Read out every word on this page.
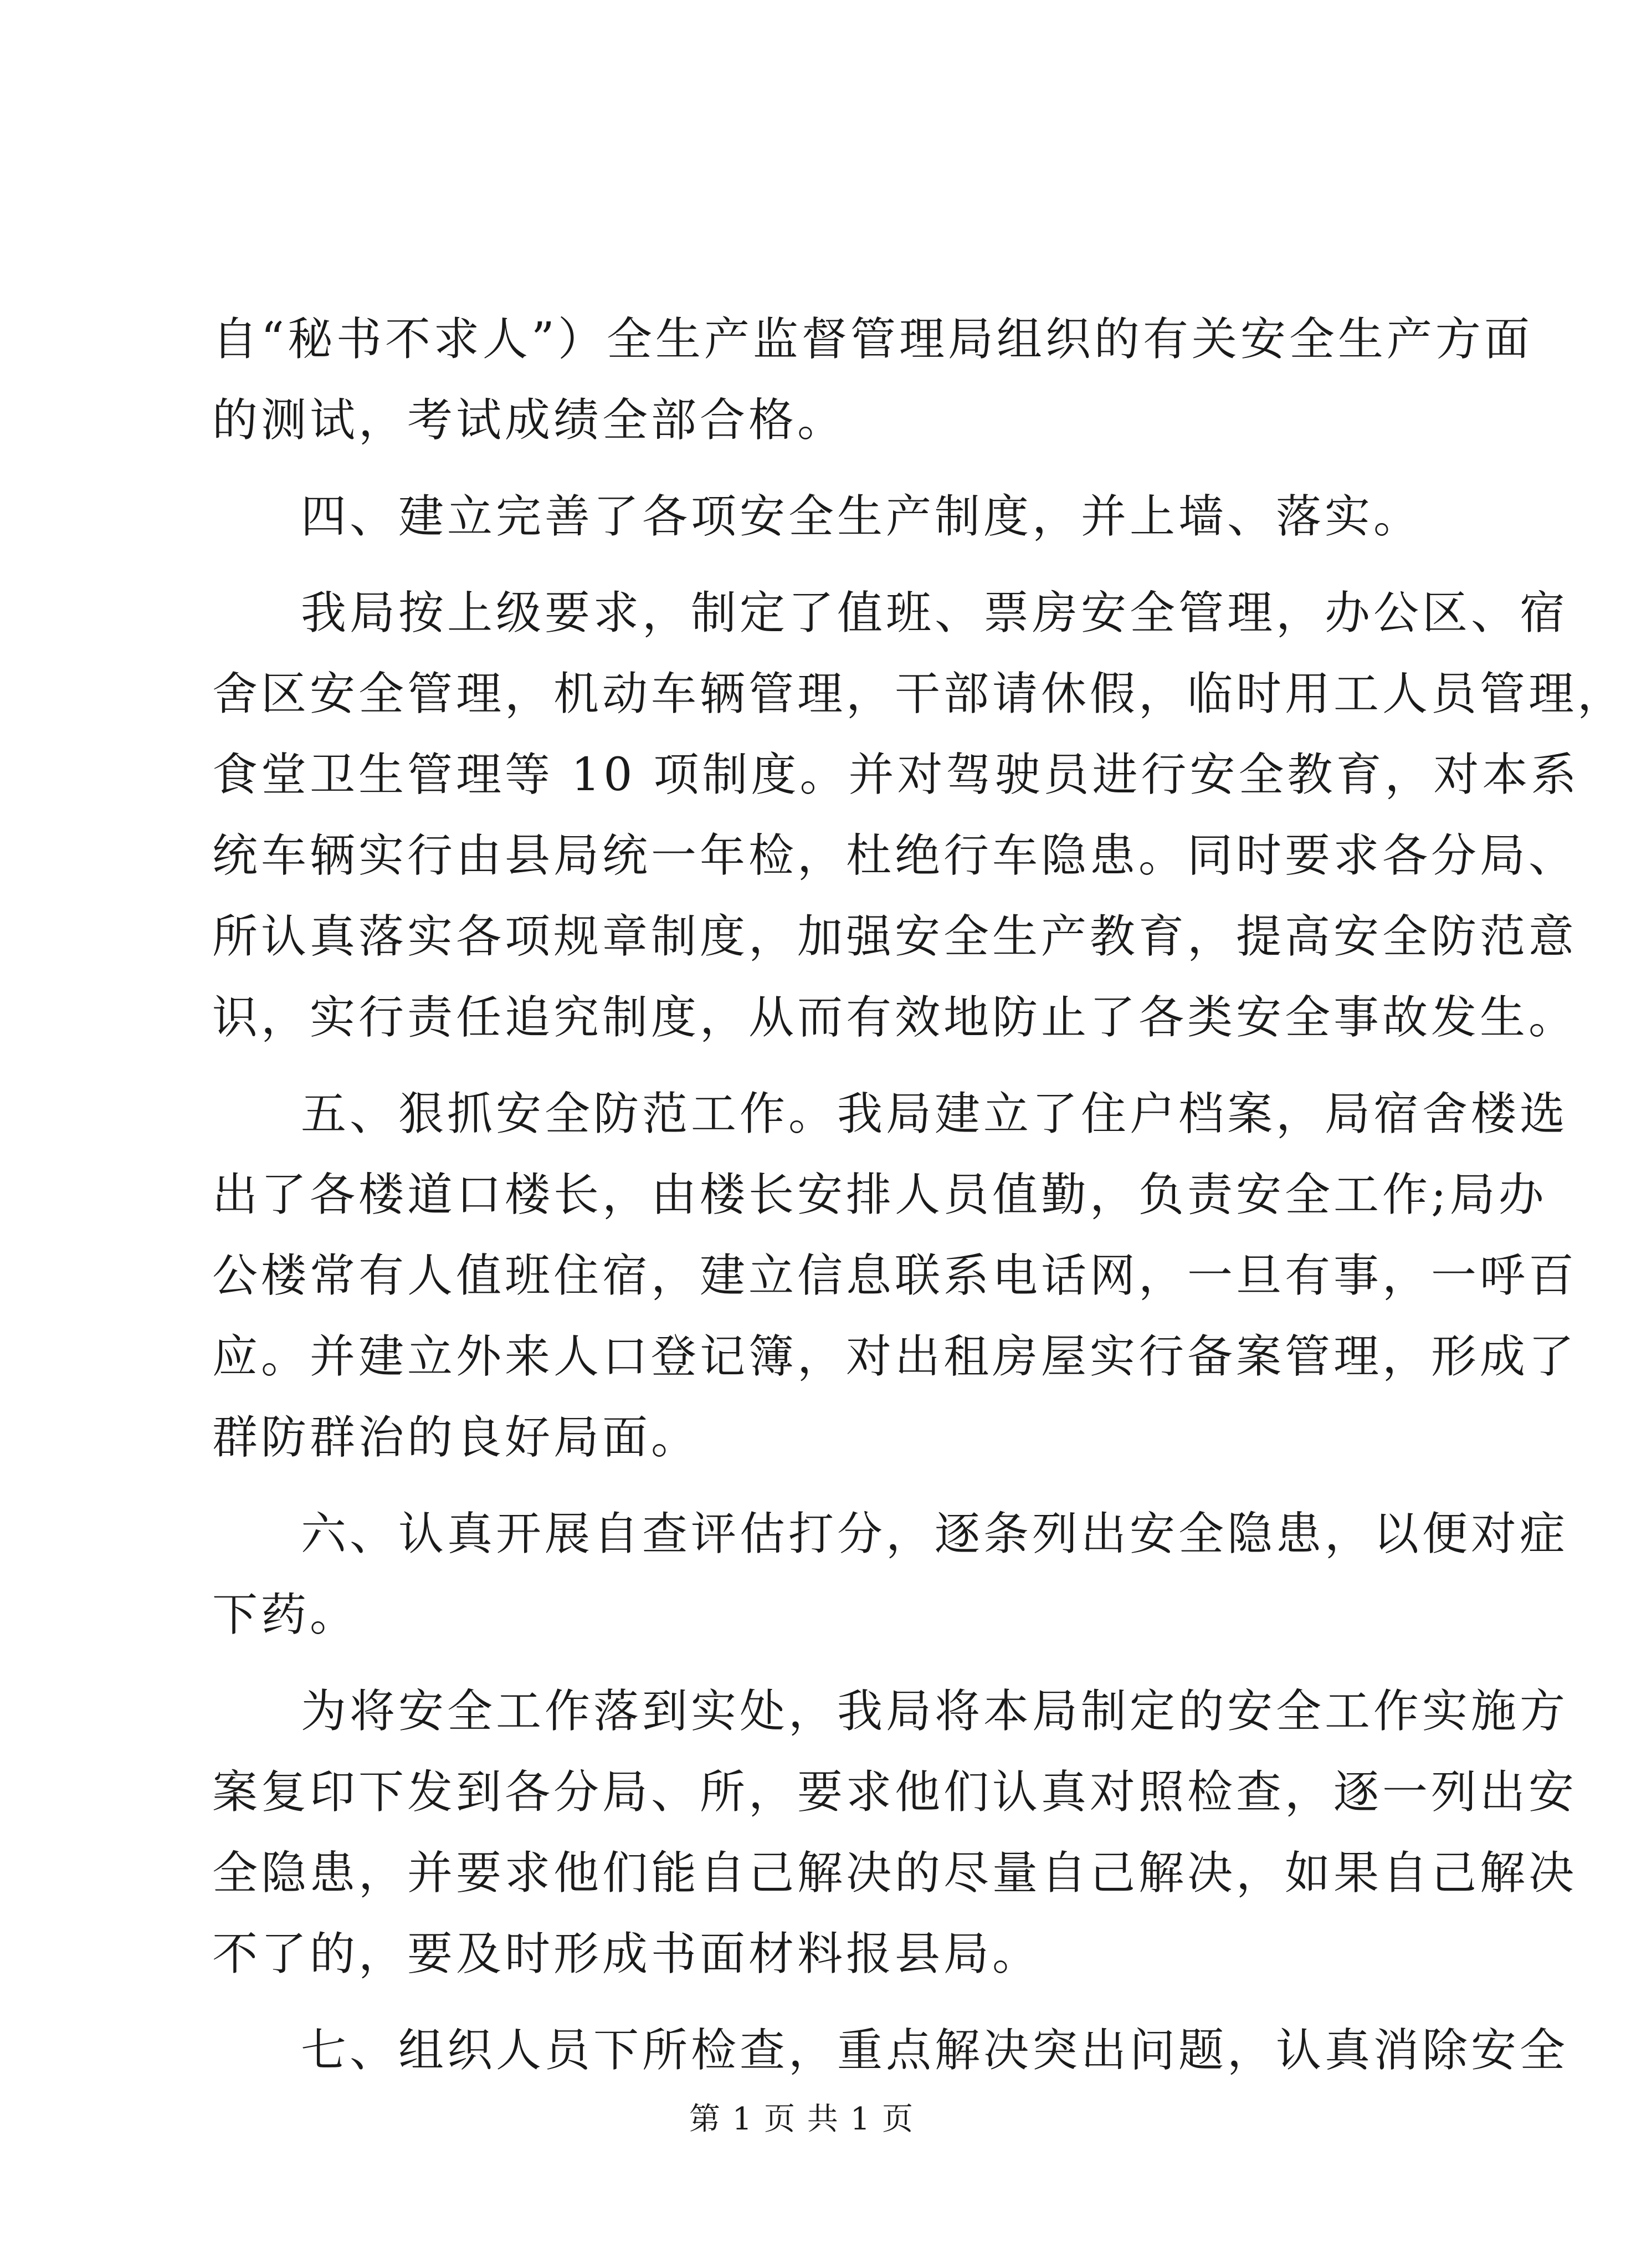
自“秘书不求人”）全生产监督管理局组织的有关安全生产方面
的测试，考试成绩全部合格。
四、建立完善了各项安全生产制度，并上墙、落实。
我局按上级要求，制定了值班、票房安全管理，办公区、宿
舍区安全管理，机动车辆管理，干部请休假，临时用工人员管理，
食堂卫生管理等 10 项制度。并对驾驶员进行安全教育，对本系
统车辆实行由县局统一年检，杜绝行车隐患。同时要求各分局、
所认真落实各项规章制度，加强安全生产教育，提高安全防范意
识，实行责任追究制度，从而有效地防止了各类安全事故发生。
五、狠抓安全防范工作。我局建立了住户档案，局宿舍楼选
出了各楼道口楼长，由楼长安排人员值勤，负责安全工作;局办
公楼常有人值班住宿，建立信息联系电话网，一旦有事，一呼百
应。并建立外来人口登记簿，对出租房屋实行备案管理，形成了
群防群治的良好局面。
六、认真开展自查评估打分，逐条列出安全隐患，以便对症
下药。
为将安全工作落到实处，我局将本局制定的安全工作实施方
案复印下发到各分局、所，要求他们认真对照检查，逐一列出安
全隐患，并要求他们能自己解决的尽量自己解决，如果自己解决
不了的，要及时形成书面材料报县局。
七、组织人员下所检查，重点解决突出问题，认真消除安全
第 1 页 共 1 页
